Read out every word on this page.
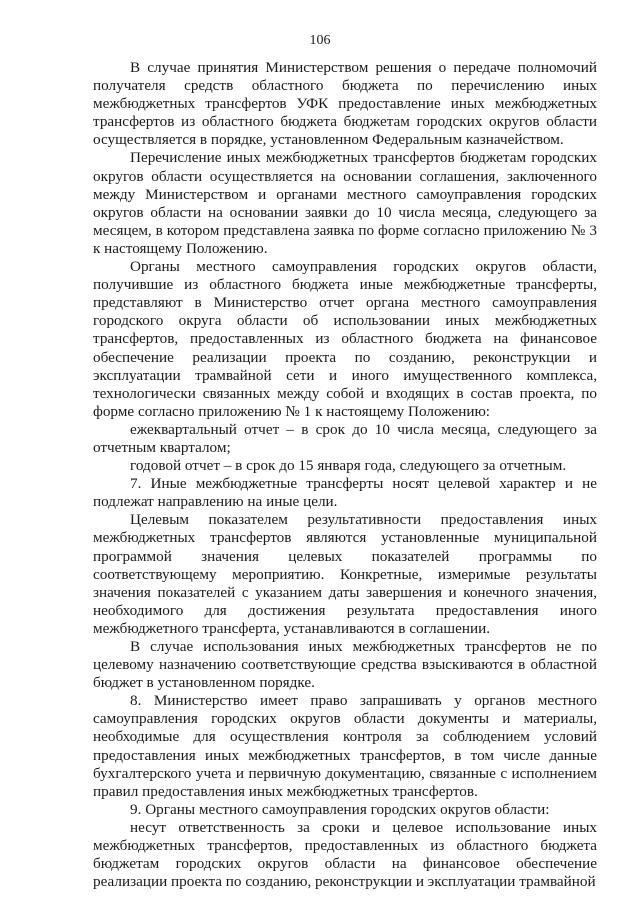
106

В случае принятия Министерством решения о передаче полномочий получателя средств областного бюджета по перечислению иных межбюджетных трансфертов УФК предоставление иных межбюджетных трансфертов из областного бюджета бюджетам городских округов области осуществляется в порядке, установленном Федеральным казначейством.

Перечисление иных межбюджетных трансфертов бюджетам городских округов области осуществляется на основании соглашения, заключенного между Министерством и органами местного самоуправления городских округов области на основании заявки до 10 числа месяца, следующего за месяцем, в котором представлена заявка по форме согласно приложению № 3 к настоящему Положению.

Органы местного самоуправления городских округов области, получившие из областного бюджета иные межбюджетные трансферты, представляют в Министерство отчет органа местного самоуправления городского округа области об использовании иных межбюджетных трансфертов, предоставленных из областного бюджета на финансовое обеспечение реализации проекта по созданию, реконструкции и эксплуатации трамвайной сети и иного имущественного комплекса, технологически связанных между собой и входящих в состав проекта, по форме согласно приложению № 1 к настоящему Положению:

ежеквартальный отчет – в срок до 10 числа месяца, следующего за отчетным кварталом;

годовой отчет – в срок до 15 января года, следующего за отчетным.

7. Иные межбюджетные трансферты носят целевой характер и не подлежат направлению на иные цели.

Целевым показателем результативности предоставления иных межбюджетных трансфертов являются установленные муниципальной программой значения целевых показателей программы по соответствующему мероприятию. Конкретные, измеримые результаты значения показателей с указанием даты завершения и конечного значения, необходимого для достижения результата предоставления иного межбюджетного трансферта, устанавливаются в соглашении.

В случае использования иных межбюджетных трансфертов не по целевому назначению соответствующие средства взыскиваются в областной бюджет в установленном порядке.

8. Министерство имеет право запрашивать у органов местного самоуправления городских округов области документы и материалы, необходимые для осуществления контроля за соблюдением условий предоставления иных межбюджетных трансфертов, в том числе данные бухгалтерского учета и первичную документацию, связанные с исполнением правил предоставления иных межбюджетных трансфертов.

9. Органы местного самоуправления городских округов области:

несут ответственность за сроки и целевое использование иных межбюджетных трансфертов, предоставленных из областного бюджета бюджетам городских округов области на финансовое обеспечение реализации проекта по созданию, реконструкции и эксплуатации трамвайной
